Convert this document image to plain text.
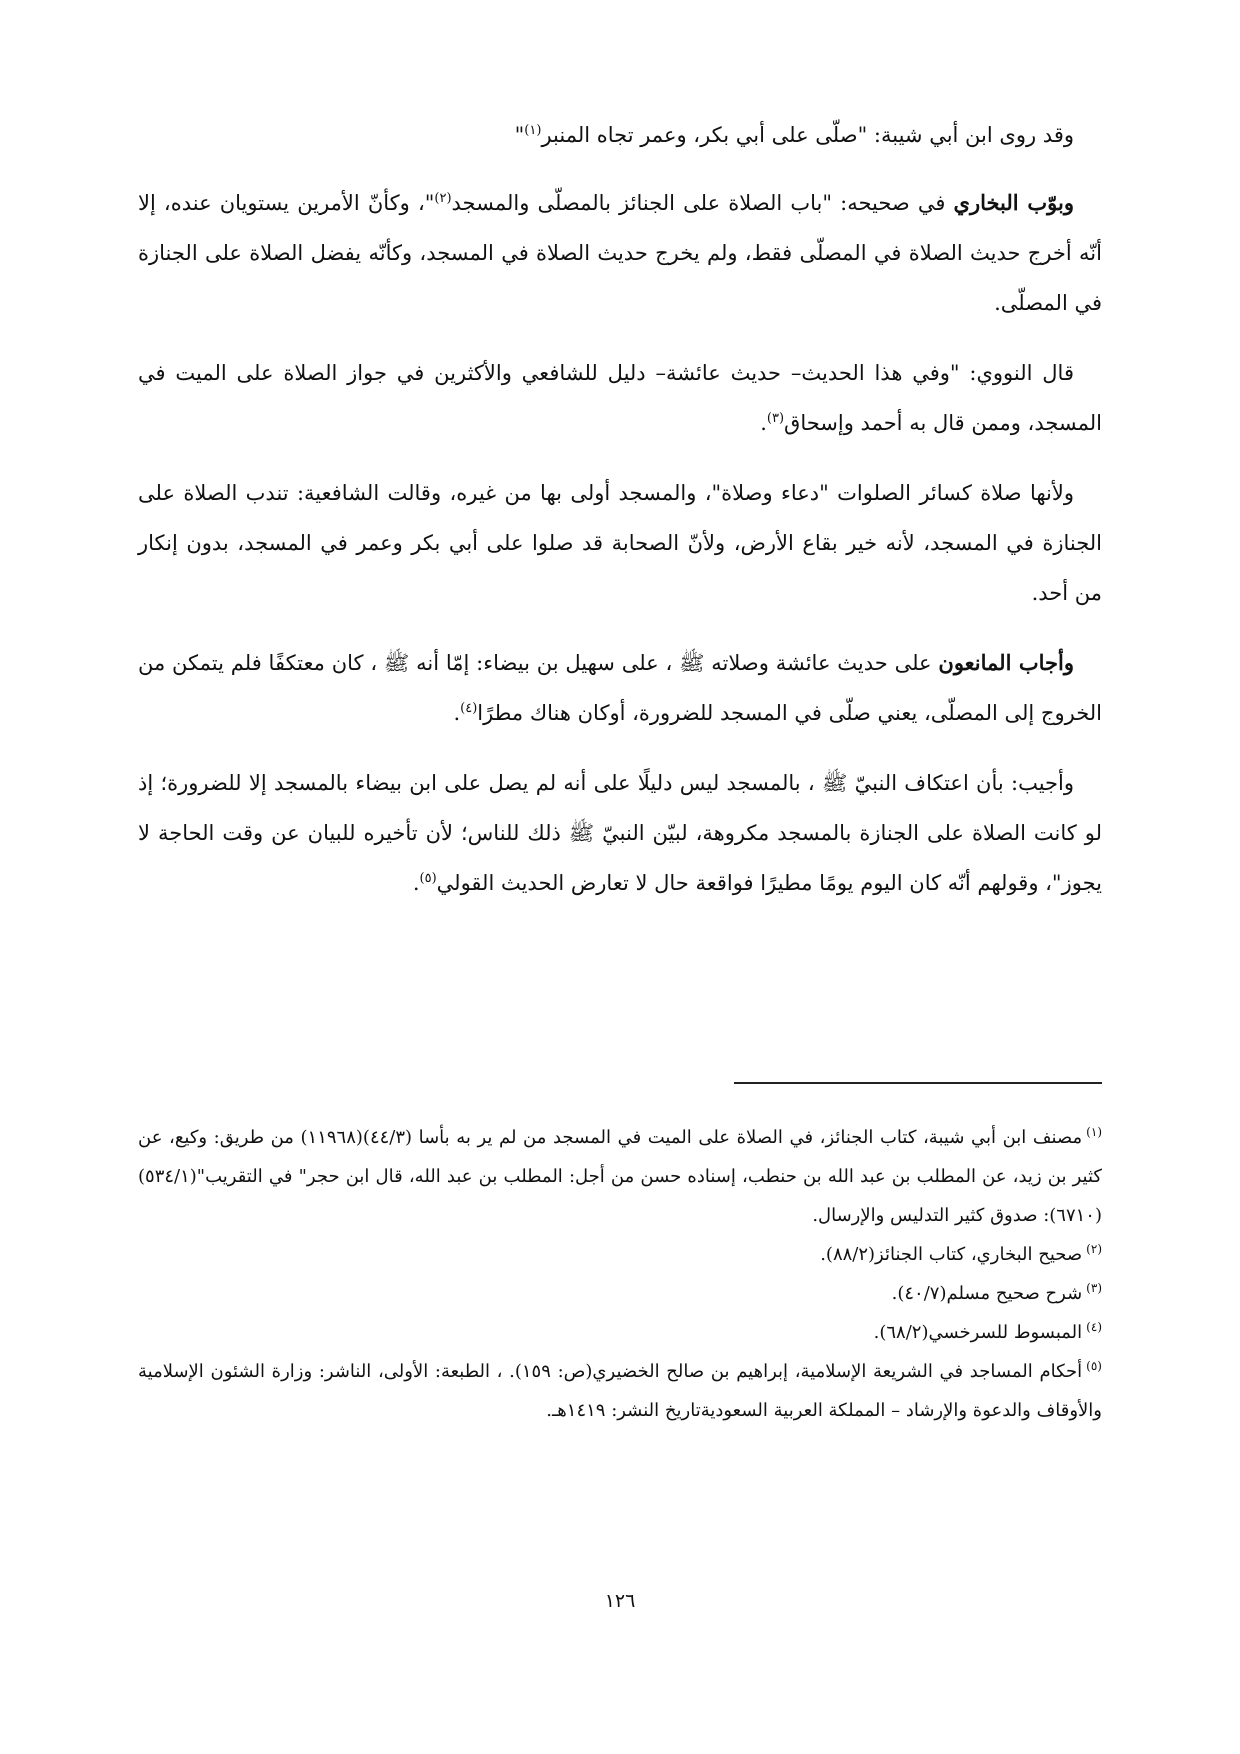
وقد روى ابن أبي شيبة: "صلّى على أبي بكر، وعمر تجاه المنبر$^{(١)}$"

وبوّب البخاري في صحيحه: "باب الصلاة على الجنائز بالمصلّى والمسجد$^{(٢)}$"، وكأنّ الأمرين يستويان عنده، إلا أنّه أخرج حديث الصلاة في المصلّى فقط، ولم يخرج حديث الصلاة في المسجد، وكأنّه يفضل الصلاة على الجنازة في المصلّى.

قال النووي: "وفي هذا الحديث– حديث عائشة– دليل للشافعي والأكثرين في جواز الصلاة على الميت في المسجد، وممن قال به أحمد وإسحاق$^{(٣)}$.

ولأنها صلاة كسائر الصلوات "دعاء وصلاة"، والمسجد أولى بها من غيره، وقالت الشافعية: تندب الصلاة على الجنازة في المسجد، لأنه خير بقاع الأرض، ولأنّ الصحابة قد صلوا على أبي بكر وعمر في المسجد، بدون إنكار من أحد.

وأجاب المانعون على حديث عائشة وصلاته ﷺ ، على سهيل بن بيضاء: إمّا أنه ﷺ ، كان معتكفًا فلم يتمكن من الخروج إلى المصلّى، يعني صلّى في المسجد للضرورة، أوكان هناك مطرًا$^{(٤)}$.

وأجيب: بأن اعتكاف النبيّ ﷺ ، بالمسجد ليس دليلًا على أنه لم يصل على ابن بيضاء بالمسجد إلا للضرورة؛ إذ لو كانت الصلاة على الجنازة بالمسجد مكروهة، لبيّن النبيّ ﷺ ذلك للناس؛ لأن تأخيره للبيان عن وقت الحاجة لا يجوز"، وقولهم أنّه كان اليوم يومًا مطيرًا فواقعة حال لا تعارض الحديث القولي$^{(٥)}$.

$^{(١)}$مصنف ابن أبي شيبة، كتاب الجنائز، في الصلاة على الميت في المسجد من لم ير به بأسا (٤٤/٣)(١١٩٦٨) من طريق: وكيع، عن كثير بن زيد، عن المطلب بن عبد الله بن حنطب، إسناده حسن من أجل: المطلب بن عبد الله، قال ابن حجر" في التقريب"(٥٣٤/١)(٦٧١٠): صدوق كثير التدليس والإرسال.
$^{(٢)}$صحيح البخاري، كتاب الجنائز(٨٨/٢).
$^{(٣)}$شرح صحيح مسلم(٤٠/٧).
$^{(٤)}$المبسوط للسرخسي(٦٨/٢).
$^{(٥)}$أحكام المساجد في الشريعة الإسلامية، إبراهيم بن صالح الخضيري(ص: ١٥٩). ، الطبعة: الأولى، الناشر: وزارة الشئون الإسلامية والأوقاف والدعوة والإرشاد – المملكة العربية السعوديةتاريخ النشر: ١٤١٩هـ.
١٢٦
